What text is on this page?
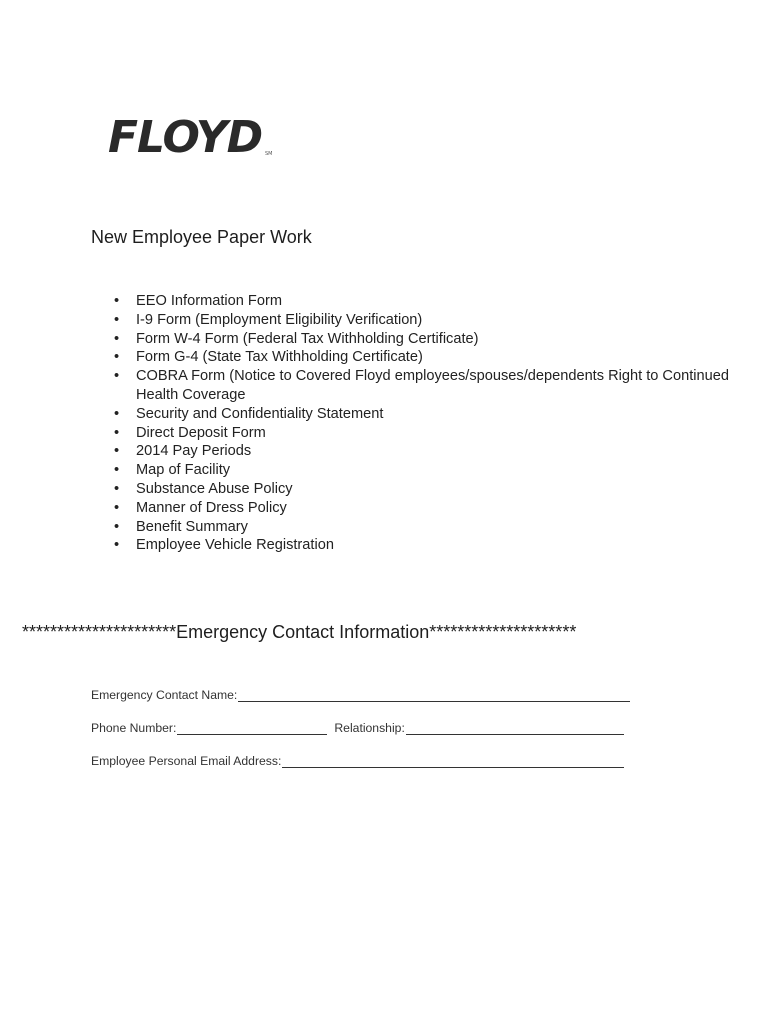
FLOYD SM
New Employee Paper Work
• EEO Information Form
• I-9 Form (Employment Eligibility Verification)
• Form W-4 Form (Federal Tax Withholding Certificate)
• Form G-4 (State Tax Withholding Certificate)
• COBRA Form (Notice to Covered Floyd employees/spouses/dependents Right to Continued Health Coverage
• Security and Confidentiality Statement
• Direct Deposit Form
• 2014 Pay Periods
• Map of Facility
• Substance Abuse Policy
• Manner of Dress Policy
• Benefit Summary
• Employee Vehicle Registration
**********************Emergency Contact Information*********************
Emergency Contact Name:
Phone Number:	Relationship:
Employee Personal Email Address:
